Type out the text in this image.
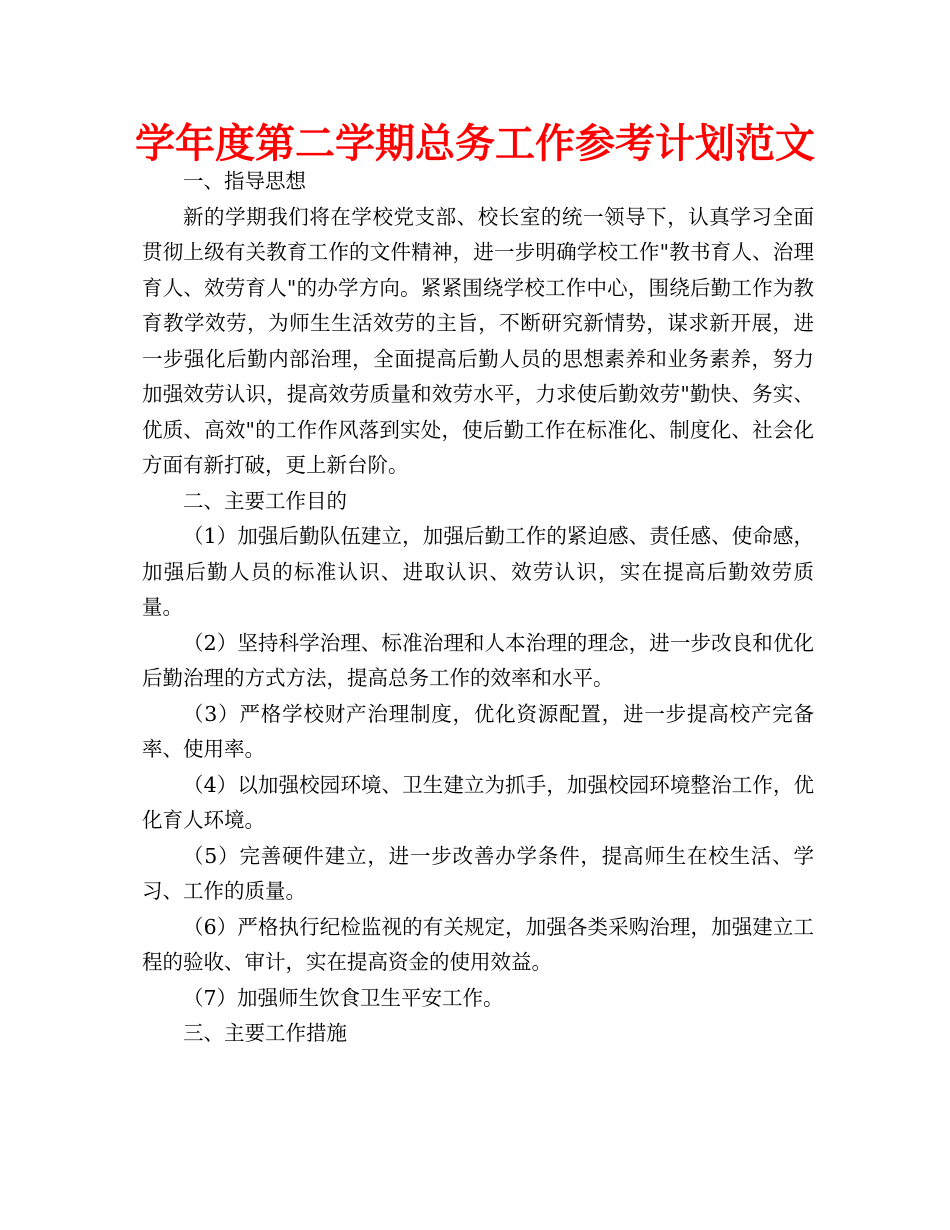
学年度第二学期总务工作参考计划范文

一、指导思想

新的学期我们将在学校党支部、校长室的统一领导下，认真学习全面贯彻上级有关教育工作的文件精神，进一步明确学校工作"教书育人、治理育人、效劳育人"的办学方向。紧紧围绕学校工作中心，围绕后勤工作为教育教学效劳，为师生生活效劳的主旨，不断研究新情势，谋求新开展，进一步强化后勤内部治理，全面提高后勤人员的思想素养和业务素养，努力加强效劳认识，提高效劳质量和效劳水平，力求使后勤效劳"勤快、务实、优质、高效"的工作作风落到实处，使后勤工作在标准化、制度化、社会化方面有新打破，更上新台阶。

二、主要工作目的

（1）加强后勤队伍建立，加强后勤工作的紧迫感、责任感、使命感，加强后勤人员的标准认识、进取认识、效劳认识，实在提高后勤效劳质量。

（2）坚持科学治理、标准治理和人本治理的理念，进一步改良和优化后勤治理的方式方法，提高总务工作的效率和水平。

（3）严格学校财产治理制度，优化资源配置，进一步提高校产完备率、使用率。

（4）以加强校园环境、卫生建立为抓手，加强校园环境整治工作，优化育人环境。

（5）完善硬件建立，进一步改善办学条件，提高师生在校生活、学习、工作的质量。

（6）严格执行纪检监视的有关规定，加强各类采购治理，加强建立工程的验收、审计，实在提高资金的使用效益。

（7）加强师生饮食卫生平安工作。

三、主要工作措施
